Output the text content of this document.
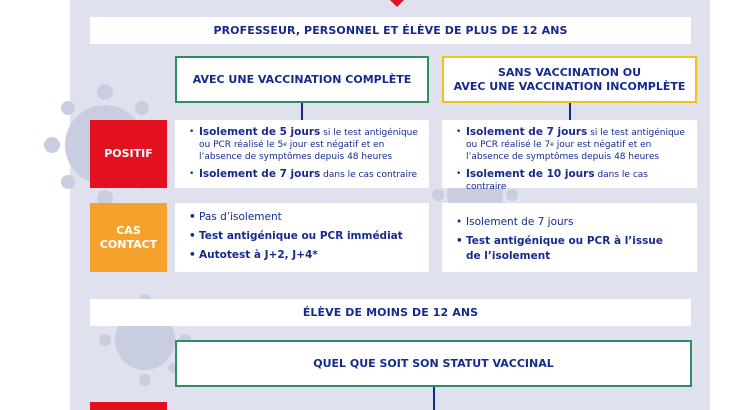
PROFESSEUR, PERSONNEL ET ÉLÈVE DE PLUS DE 12 ANS
AVEC UNE VACCINATION COMPLÈTE
SANS VACCINATION OU
AVEC UNE VACCINATION INCOMPLÈTE
POSITIF
• Isolement de 5 jours si le test antigénique
ou PCR réalisé le 5e jour est négatif et en
l’absence de symptômes depuis 48 heures
• Isolement de 7 jours dans le cas contraire
• Isolement de 7 jours si le test antigénique
ou PCR réalisé le 7e jour est négatif et en
l’absence de symptômes depuis 48 heures
• Isolement de 10 jours dans le cas contraire
CAS
CONTACT
• Pas d’isolement
• Test antigénique ou PCR immédiat
• Autotest à J+2, J+4*
• Isolement de 7 jours
• Test antigénique ou PCR à l’issue
de l’isolement
ÉLÈVE DE MOINS DE 12 ANS
QUEL QUE SOIT SON STATUT VACCINAL
